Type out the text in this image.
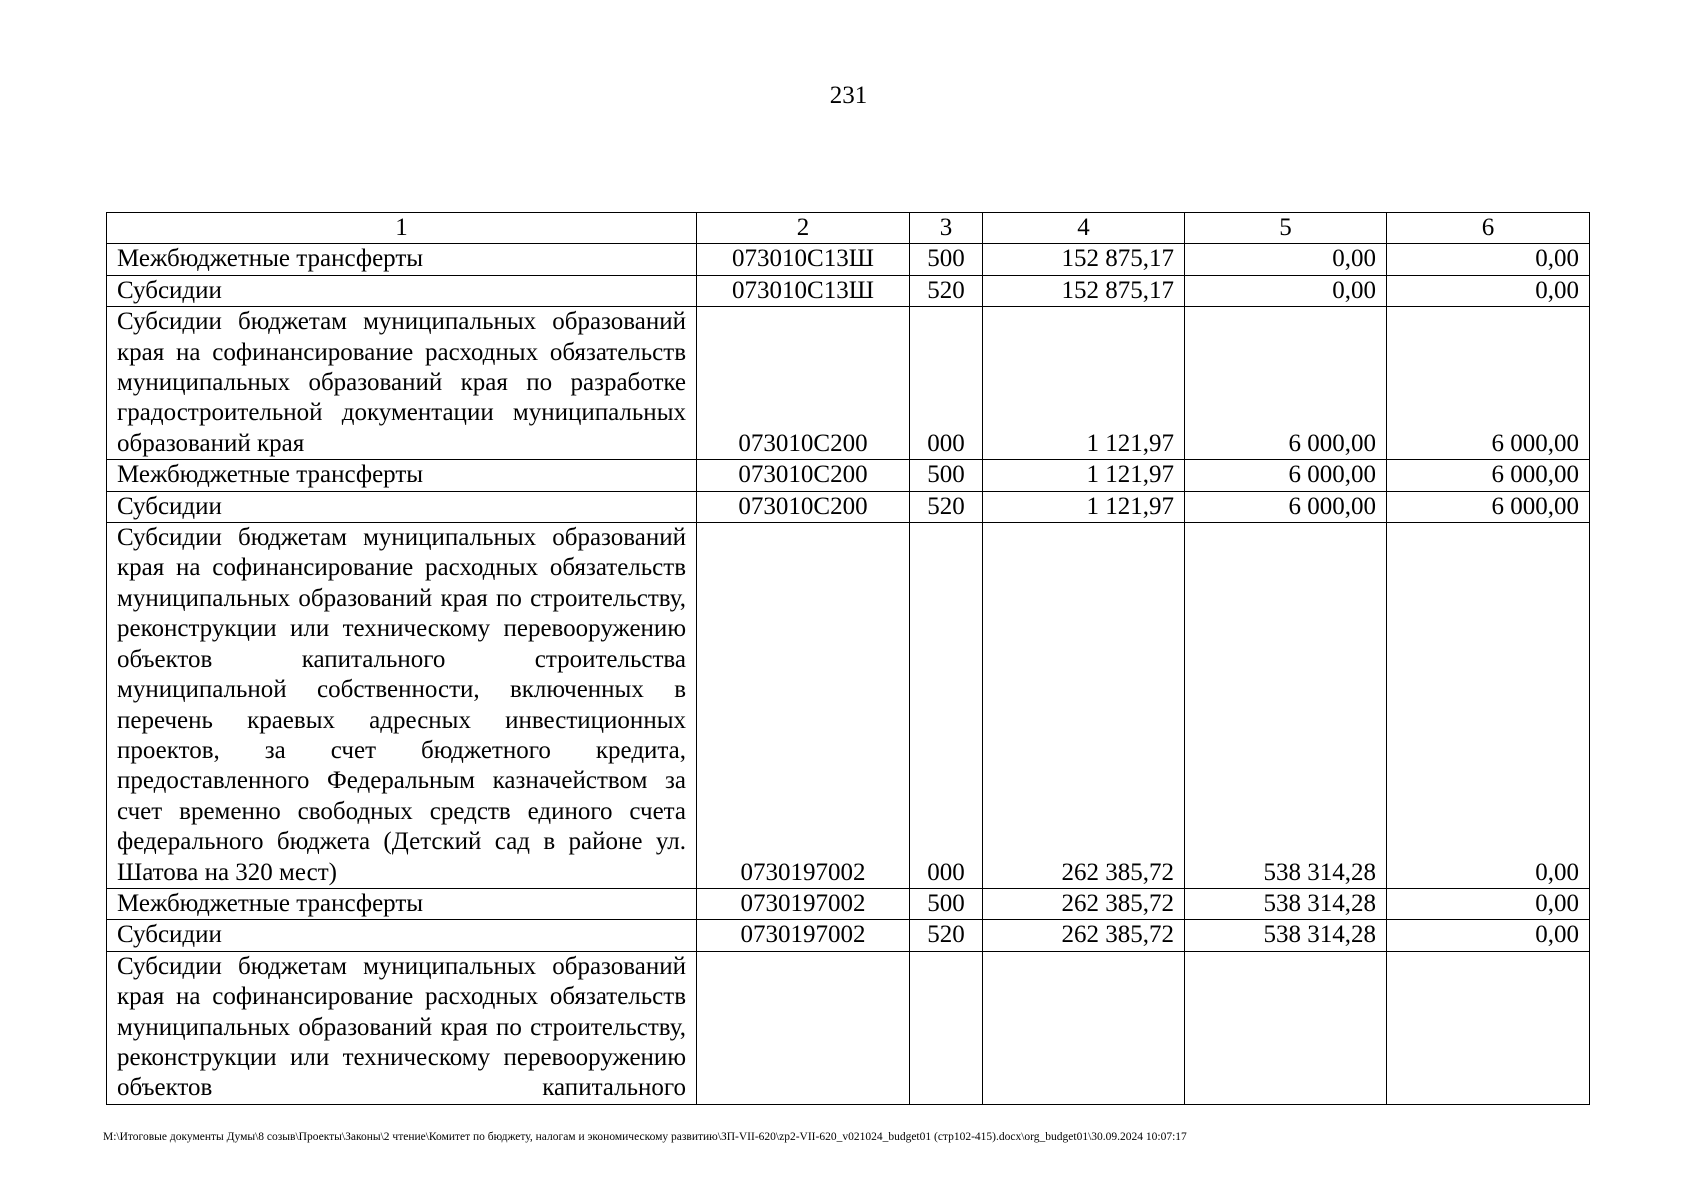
231
1	2	3	4	5	6
Межбюджетные трансферты	073010С13Ш	500	152 875,17	0,00	0,00
Субсидии	073010С13Ш	520	152 875,17	0,00	0,00
Субсидии бюджетам муниципальных образований края на софинансирование расходных обязательств муниципальных образований края по разработке градостроительной документации муниципальных образований края	073010С200	000	1 121,97	6 000,00	6 000,00
Межбюджетные трансферты	073010С200	500	1 121,97	6 000,00	6 000,00
Субсидии	073010С200	520	1 121,97	6 000,00	6 000,00
Субсидии бюджетам муниципальных образований края на софинансирование расходных обязательств муниципальных образований края по строительству, реконструкции или техническому перевооружению объектов капитального строительства муниципальной собственности, включенных в перечень краевых адресных инвестиционных проектов, за счет бюджетного кредита, предоставленного Федеральным казначейством за счет временно свободных средств единого счета федерального бюджета (Детский сад в районе ул. Шатова на 320 мест)	0730197002	000	262 385,72	538 314,28	0,00
Межбюджетные трансферты	0730197002	500	262 385,72	538 314,28	0,00
Субсидии	0730197002	520	262 385,72	538 314,28	0,00
Субсидии бюджетам муниципальных образований края на софинансирование расходных обязательств муниципальных образований края по строительству, реконструкции или техническому перевооружению объектов капитального					
М:\Итоговые документы Думы\8 созыв\Проекты\Законы\2 чтение\Комитет по бюджету, налогам и экономическому развитию\ЗП-VII-620\zp2-VII-620_v021024_budget01 (стр102-415).docx\org_budget01\30.09.2024 10:07:17
